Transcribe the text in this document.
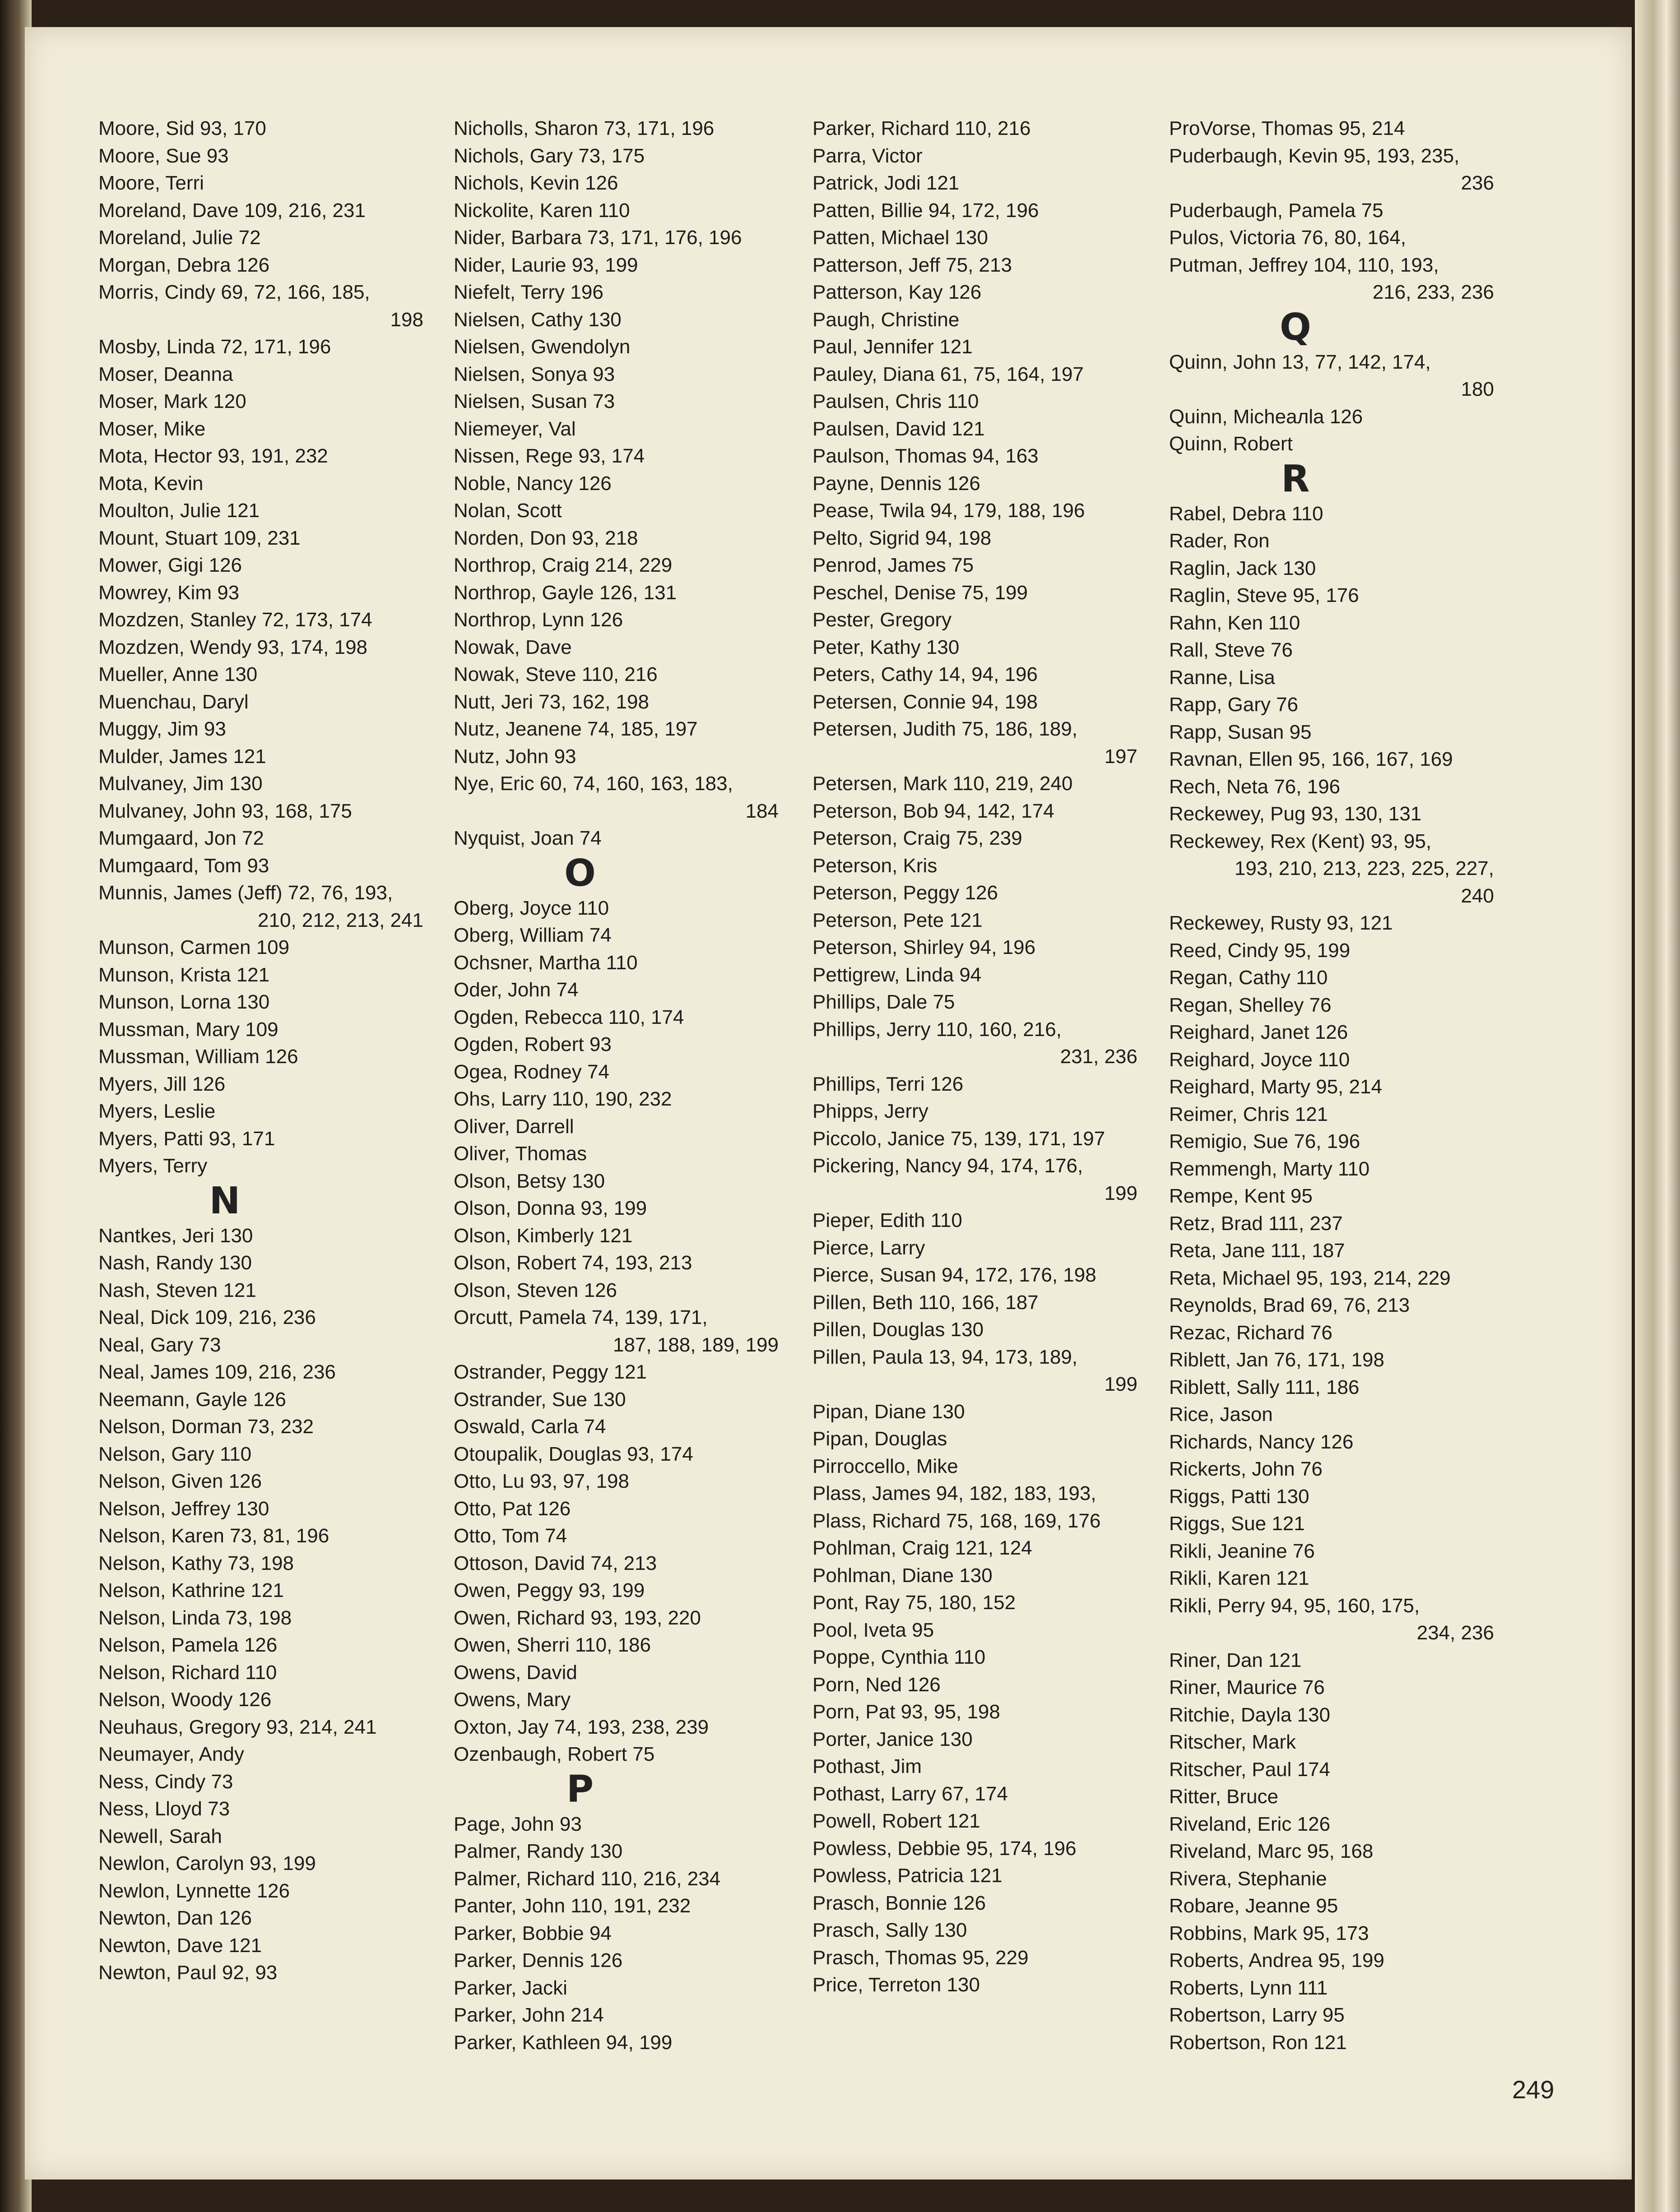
Moore, Sid 93, 170
Moore, Sue 93
Moore, Terri
Moreland, Dave 109, 216, 231
Moreland, Julie 72
Morgan, Debra 126
Morris, Cindy 69, 72, 166, 185,
198
Mosby, Linda 72, 171, 196
Moser, Deanna
Moser, Mark 120
Moser, Mike
Mota, Hector 93, 191, 232
Mota, Kevin
Moulton, Julie 121
Mount, Stuart 109, 231
Mower, Gigi 126
Mowrey, Kim 93
Mozdzen, Stanley 72, 173, 174
Mozdzen, Wendy 93, 174, 198
Mueller, Anne 130
Muenchau, Daryl
Muggy, Jim 93
Mulder, James 121
Mulvaney, Jim 130
Mulvaney, John 93, 168, 175
Mumgaard, Jon 72
Mumgaard, Tom 93
Munnis, James (Jeff) 72, 76, 193,
210, 212, 213, 241
Munson, Carmen 109
Munson, Krista 121
Munson, Lorna 130
Mussman, Mary 109
Mussman, William 126
Myers, Jill 126
Myers, Leslie
Myers, Patti 93, 171
Myers, Terry
N
Nantkes, Jeri 130
Nash, Randy 130
Nash, Steven 121
Neal, Dick 109, 216, 236
Neal, Gary 73
Neal, James 109, 216, 236
Neemann, Gayle 126
Nelson, Dorman 73, 232
Nelson, Gary 110
Nelson, Given 126
Nelson, Jeffrey 130
Nelson, Karen 73, 81, 196
Nelson, Kathy 73, 198
Nelson, Kathrine 121
Nelson, Linda 73, 198
Nelson, Pamela 126
Nelson, Richard 110
Nelson, Woody 126
Neuhaus, Gregory 93, 214, 241
Neumayer, Andy
Ness, Cindy 73
Ness, Lloyd 73
Newell, Sarah
Newlon, Carolyn 93, 199
Newlon, Lynnette 126
Newton, Dan 126
Newton, Dave 121
Newton, Paul 92, 93
Nicholls, Sharon 73, 171, 196
Nichols, Gary 73, 175
Nichols, Kevin 126
Nickolite, Karen 110
Nider, Barbara 73, 171, 176, 196
Nider, Laurie 93, 199
Niefelt, Terry 196
Nielsen, Cathy 130
Nielsen, Gwendolyn
Nielsen, Sonya 93
Nielsen, Susan 73
Niemeyer, Val
Nissen, Rege 93, 174
Noble, Nancy 126
Nolan, Scott
Norden, Don 93, 218
Northrop, Craig 214, 229
Northrop, Gayle 126, 131
Northrop, Lynn 126
Nowak, Dave
Nowak, Steve 110, 216
Nutt, Jeri 73, 162, 198
Nutz, Jeanene 74, 185, 197
Nutz, John 93
Nye, Eric 60, 74, 160, 163, 183,
184
Nyquist, Joan 74
O
Oberg, Joyce 110
Oberg, William 74
Ochsner, Martha 110
Oder, John 74
Ogden, Rebecca 110, 174
Ogden, Robert 93
Ogea, Rodney 74
Ohs, Larry 110, 190, 232
Oliver, Darrell
Oliver, Thomas
Olson, Betsy 130
Olson, Donna 93, 199
Olson, Kimberly 121
Olson, Robert 74, 193, 213
Olson, Steven 126
Orcutt, Pamela 74, 139, 171,
187, 188, 189, 199
Ostrander, Peggy 121
Ostrander, Sue 130
Oswald, Carla 74
Otoupalik, Douglas 93, 174
Otto, Lu 93, 97, 198
Otto, Pat 126
Otto, Tom 74
Ottoson, David 74, 213
Owen, Peggy 93, 199
Owen, Richard 93, 193, 220
Owen, Sherri 110, 186
Owens, David
Owens, Mary
Oxton, Jay 74, 193, 238, 239
Ozenbaugh, Robert 75
P
Page, John 93
Palmer, Randy 130
Palmer, Richard 110, 216, 234
Panter, John 110, 191, 232
Parker, Bobbie 94
Parker, Dennis 126
Parker, Jacki
Parker, John 214
Parker, Kathleen 94, 199
Parker, Richard 110, 216
Parra, Victor
Patrick, Jodi 121
Patten, Billie 94, 172, 196
Patten, Michael 130
Patterson, Jeff 75, 213
Patterson, Kay 126
Paugh, Christine
Paul, Jennifer 121
Pauley, Diana 61, 75, 164, 197
Paulsen, Chris 110
Paulsen, David 121
Paulson, Thomas 94, 163
Payne, Dennis 126
Pease, Twila 94, 179, 188, 196
Pelto, Sigrid 94, 198
Penrod, James 75
Peschel, Denise 75, 199
Pester, Gregory
Peter, Kathy 130
Peters, Cathy 14, 94, 196
Petersen, Connie 94, 198
Petersen, Judith 75, 186, 189,
197
Petersen, Mark 110, 219, 240
Peterson, Bob 94, 142, 174
Peterson, Craig 75, 239
Peterson, Kris
Peterson, Peggy 126
Peterson, Pete 121
Peterson, Shirley 94, 196
Pettigrew, Linda 94
Phillips, Dale 75
Phillips, Jerry 110, 160, 216,
231, 236
Phillips, Terri 126
Phipps, Jerry
Piccolo, Janice 75, 139, 171, 197
Pickering, Nancy 94, 174, 176,
199
Pieper, Edith 110
Pierce, Larry
Pierce, Susan 94, 172, 176, 198
Pillen, Beth 110, 166, 187
Pillen, Douglas 130
Pillen, Paula 13, 94, 173, 189,
199
Pipan, Diane 130
Pipan, Douglas
Pirroccello, Mike
Plass, James 94, 182, 183, 193,
Plass, Richard 75, 168, 169, 176
Pohlman, Craig 121, 124
Pohlman, Diane 130
Pont, Ray 75, 180, 152
Pool, Iveta 95
Poppe, Cynthia 110
Porn, Ned 126
Porn, Pat 93, 95, 198
Porter, Janice 130
Pothast, Jim
Pothast, Larry 67, 174
Powell, Robert 121
Powless, Debbie 95, 174, 196
Powless, Patricia 121
Prasch, Bonnie 126
Prasch, Sally 130
Prasch, Thomas 95, 229
Price, Terreton 130
ProVorse, Thomas 95, 214
Puderbaugh, Kevin 95, 193, 235,
236
Puderbaugh, Pamela 75
Pulos, Victoria 76, 80, 164,
Putman, Jeffrey 104, 110, 193,
216, 233, 236
Q
Quinn, John 13, 77, 142, 174,
180
Quinn, Micheалla 126
Quinn, Robert
R
Rabel, Debra 110
Rader, Ron
Raglin, Jack 130
Raglin, Steve 95, 176
Rahn, Ken 110
Rall, Steve 76
Ranne, Lisa
Rapp, Gary 76
Rapp, Susan 95
Ravnan, Ellen 95, 166, 167, 169
Rech, Neta 76, 196
Reckewey, Pug 93, 130, 131
Reckewey, Rex (Kent) 93, 95,
193, 210, 213, 223, 225, 227,
240
Reckewey, Rusty 93, 121
Reed, Cindy 95, 199
Regan, Cathy 110
Regan, Shelley 76
Reighard, Janet 126
Reighard, Joyce 110
Reighard, Marty 95, 214
Reimer, Chris 121
Remigio, Sue 76, 196
Remmengh, Marty 110
Rempe, Kent 95
Retz, Brad 111, 237
Reta, Jane 111, 187
Reta, Michael 95, 193, 214, 229
Reynolds, Brad 69, 76, 213
Rezac, Richard 76
Riblett, Jan 76, 171, 198
Riblett, Sally 111, 186
Rice, Jason
Richards, Nancy 126
Rickerts, John 76
Riggs, Patti 130
Riggs, Sue 121
Rikli, Jeanine 76
Rikli, Karen 121
Rikli, Perry 94, 95, 160, 175,
234, 236
Riner, Dan 121
Riner, Maurice 76
Ritchie, Dayla 130
Ritscher, Mark
Ritscher, Paul 174
Ritter, Bruce
Riveland, Eric 126
Riveland, Marc 95, 168
Rivera, Stephanie
Robare, Jeanne 95
Robbins, Mark 95, 173
Roberts, Andrea 95, 199
Roberts, Lynn 111
Robertson, Larry 95
Robertson, Ron 121
249
